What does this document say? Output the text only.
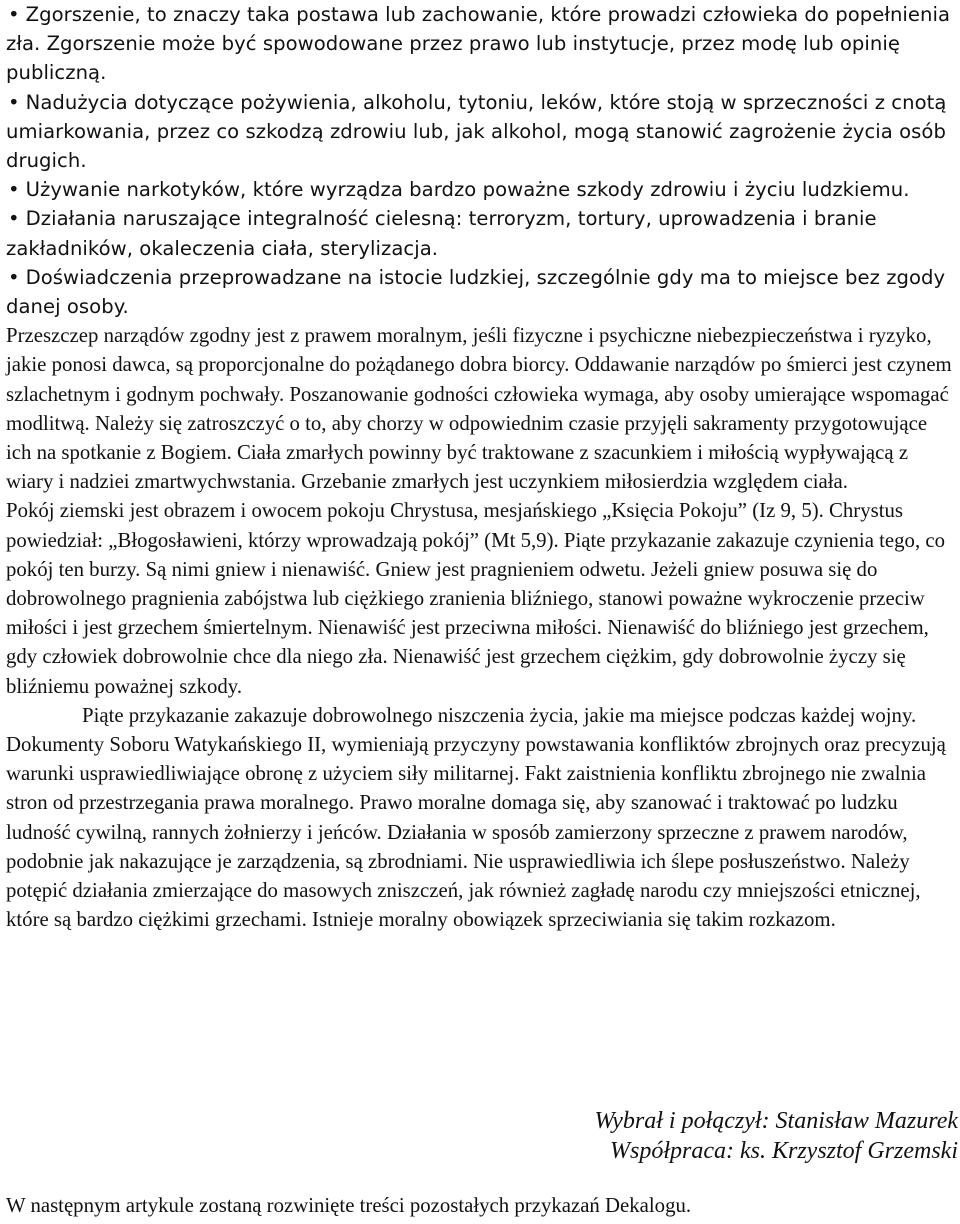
• Zgorszenie, to znaczy taka postawa lub zachowanie, które prowadzi człowieka do popełnienia zła. Zgorszenie może być spowodowane przez prawo lub instytucje, przez modę lub opinię publiczną.

• Nadużycia dotyczące pożywienia, alkoholu, tytoniu, leków, które stoją w sprzeczności z cnotą umiarkowania, przez co szkodzą zdrowiu lub, jak alkohol, mogą stanowić zagrożenie życia osób drugich.

• Używanie narkotyków, które wyrządza bardzo poważne szkody zdrowiu i życiu ludzkiemu.

• Działania naruszające integralność cielesną: terroryzm, tortury, uprowadzenia i branie zakładników, okaleczenia ciała, sterylizacja.

• Doświadczenia przeprowadzane na istocie ludzkiej, szczególnie gdy ma to miejsce bez zgody danej osoby.

Przeszczep narządów zgodny jest z prawem moralnym, jeśli fizyczne i psychiczne niebezpieczeństwa i ryzyko, jakie ponosi dawca, są proporcjonalne do pożądanego dobra biorcy. Oddawanie narządów po śmierci jest czynem szlachetnym i godnym pochwały. Poszanowanie godności człowieka wymaga, aby osoby umierające wspomagać modlitwą. Należy się zatroszczyć o to, aby chorzy w odpowiednim czasie przyjęli sakramenty przygotowujące ich na spotkanie z Bogiem. Ciała zmarłych powinny być traktowane z szacunkiem i miłością wypływającą z wiary i nadziei zmartwychwstania. Grzebanie zmarłych jest uczynkiem miłosierdzia względem ciała.

Pokój ziemski jest obrazem i owocem pokoju Chrystusa, mesjańskiego „Księcia Pokoju” (Iz 9, 5). Chrystus powiedział: „Błogosławieni, którzy wprowadzają pokój” (Mt 5,9). Piąte przykazanie zakazuje czynienia tego, co pokój ten burzy. Są nimi gniew i nienawiść. Gniew jest pragnieniem odwetu. Jeżeli gniew posuwa się do dobrowolnego pragnienia zabójstwa lub ciężkiego zranienia bliźniego, stanowi poważne wykroczenie przeciw miłości i jest grzechem śmiertelnym. Nienawiść jest przeciwna miłości. Nienawiść do bliźniego jest grzechem, gdy człowiek dobrowolnie chce dla niego zła. Nienawiść jest grzechem ciężkim, gdy dobrowolnie życzy się bliźniemu poważnej szkody.

Piąte przykazanie zakazuje dobrowolnego niszczenia życia, jakie ma miejsce podczas każdej wojny. Dokumenty Soboru Watykańskiego II, wymieniają przyczyny powstawania konfliktów zbrojnych oraz precyzują warunki usprawiedliwiające obronę z użyciem siły militarnej. Fakt zaistnienia konfliktu zbrojnego nie zwalnia stron od przestrzegania prawa moralnego. Prawo moralne domaga się, aby szanować i traktować po ludzku ludność cywilną, rannych żołnierzy i jeńców. Działania w sposób zamierzony sprzeczne z prawem narodów, podobnie jak nakazujące je zarządzenia, są zbrodniami. Nie usprawiedliwia ich ślepe posłuszeństwo. Należy potępić działania zmierzające do masowych zniszczeń, jak również zagładę narodu czy mniejszości etnicznej, które są bardzo ciężkimi grzechami. Istnieje moralny obowiązek sprzeciwiania się takim rozkazom.

Wybrał i połączył: Stanisław Mazurek
Współpraca: ks. Krzysztof Grzemski

W następnym artykule zostaną rozwinięte treści pozostałych przykazań Dekalogu.
